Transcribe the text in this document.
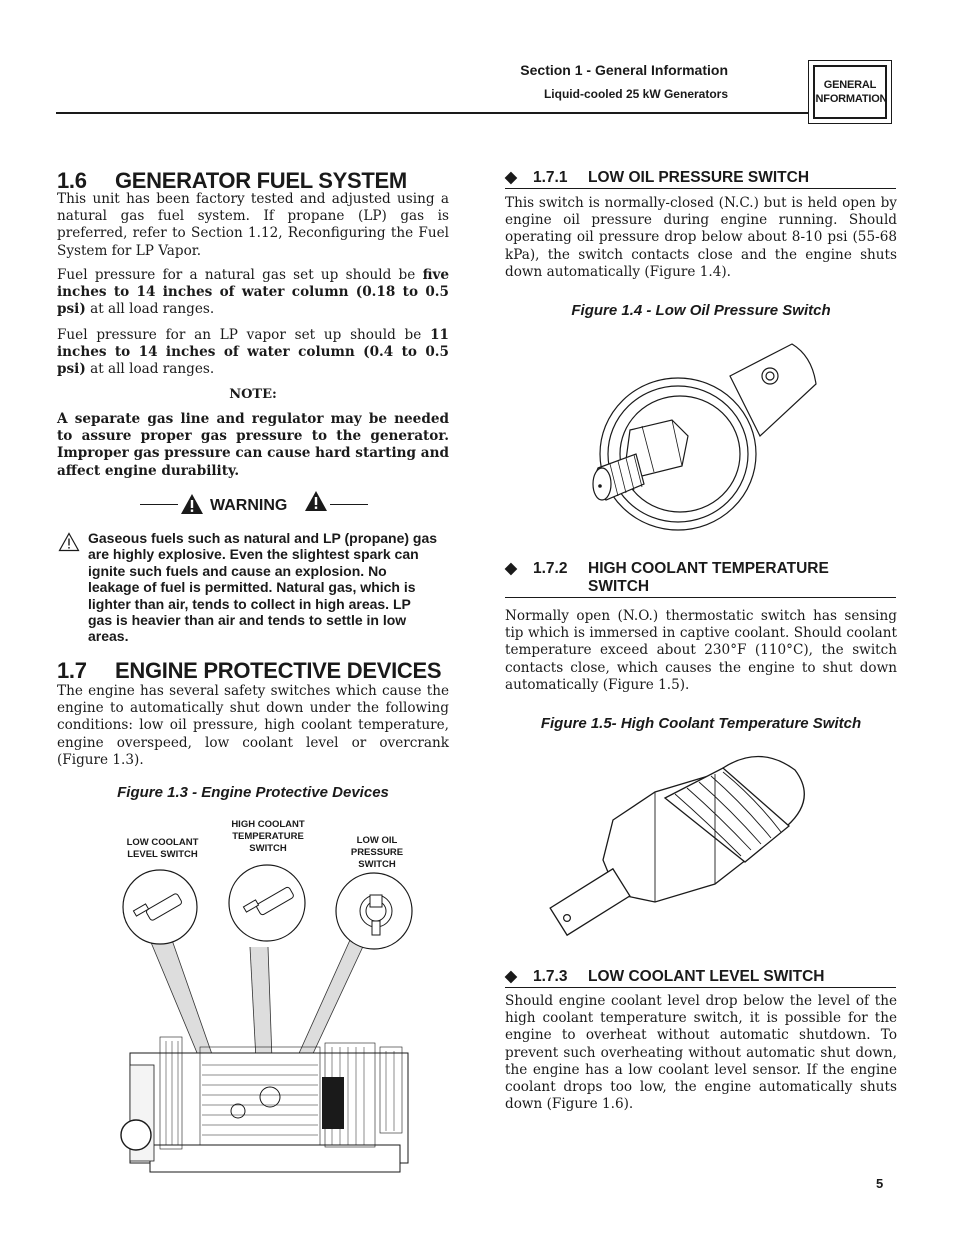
Section 1 - General Information
Liquid-cooled 25 kW Generators
GENERAL
INFORMATION
1.6 GENERATOR FUEL SYSTEM

This unit has been factory tested and adjusted using a natural gas fuel system. If propane (LP) gas is preferred, refer to Section 1.12, Reconfiguring the Fuel System for LP Vapor.

Fuel pressure for a natural gas set up should be five inches to 14 inches of water column (0.18 to 0.5 psi) at all load ranges.

Fuel pressure for an LP vapor set up should be 11 inches to 14 inches of water column (0.4 to 0.5 psi) at all load ranges.

NOTE:

A separate gas line and regulator may be needed to assure proper gas pressure to the generator. Improper gas pressure can cause hard starting and affect engine durability.

WARNING
Gaseous fuels such as natural and LP (propane) gas are highly explosive. Even the slightest spark can ignite such fuels and cause an explosion. No leakage of fuel is permitted. Natural gas, which is lighter than air, tends to collect in high areas. LP gas is heavier than air and tends to settle in low areas.
1.7 ENGINE PROTECTIVE DEVICES

The engine has several safety switches which cause the engine to automatically shut down under the following conditions: low oil pressure, high coolant temperature, engine overspeed, low coolant level or overcrank (Figure 1.3).

Figure 1.3 - Engine Protective Devices
LOW COOLANT LEVEL SWITCH
HIGH COOLANT TEMPERATURE SWITCH
LOW OIL PRESSURE SWITCH
◆ 1.7.1 LOW OIL PRESSURE SWITCH

This switch is normally-closed (N.C.) but is held open by engine oil pressure during engine running. Should operating oil pressure drop below about 8-10 psi (55-68 kPa), the switch contacts close and the engine shuts down automatically (Figure 1.4).

Figure 1.4 - Low Oil Pressure Switch
◆ 1.7.2 HIGH COOLANT TEMPERATURE
SWITCH

Normally open (N.O.) thermostatic switch has sensing tip which is immersed in captive coolant. Should coolant temperature exceed about 230°F (110°C), the switch contacts close, which causes the engine to shut down automatically (Figure 1.5).

Figure 1.5- High Coolant Temperature Switch
◆ 1.7.3 LOW COOLANT LEVEL SWITCH

Should engine coolant level drop below the level of the high coolant temperature switch, it is possible for the engine to overheat without automatic shutdown. To prevent such overheating without automatic shut down, the engine has a low coolant level sensor. If the engine coolant drops too low, the engine automatically shuts down (Figure 1.6).

5
